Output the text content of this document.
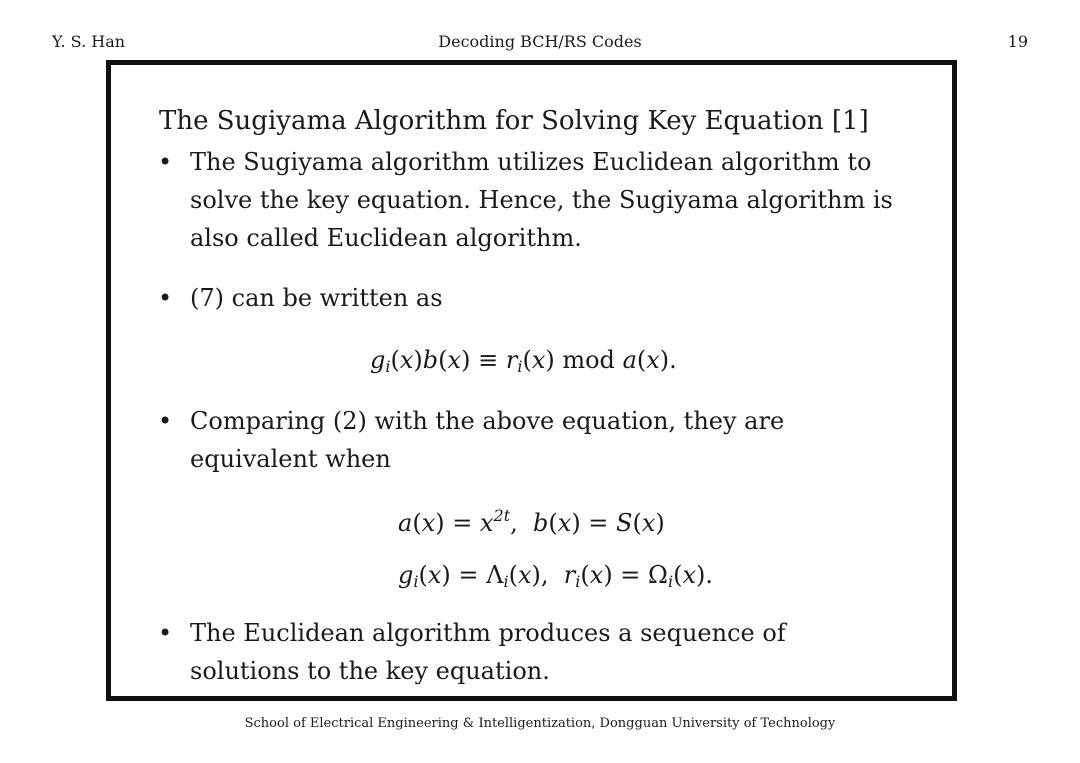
Y. S. Han	Decoding BCH/RS Codes	19
The Sugiyama Algorithm for Solving Key Equation [1]
• The Sugiyama algorithm utilizes Euclidean algorithm to
solve the key equation. Hence, the Sugiyama algorithm is
also called Euclidean algorithm.
• (7) can be written as
$g_i(x)b(x) \equiv r_i(x)$ mod a(x).
• Comparing (2) with the above equation, they are
equivalent when
$a(x) = x^{2t}$,  b(x) = S(x)
$g_i(x) = \Lambda_i(x)$,  $r_i(x) = \Omega_i(x)$.
• The Euclidean algorithm produces a sequence of
solutions to the key equation.
School of Electrical Engineering & Intelligentization, Dongguan University of Technology
